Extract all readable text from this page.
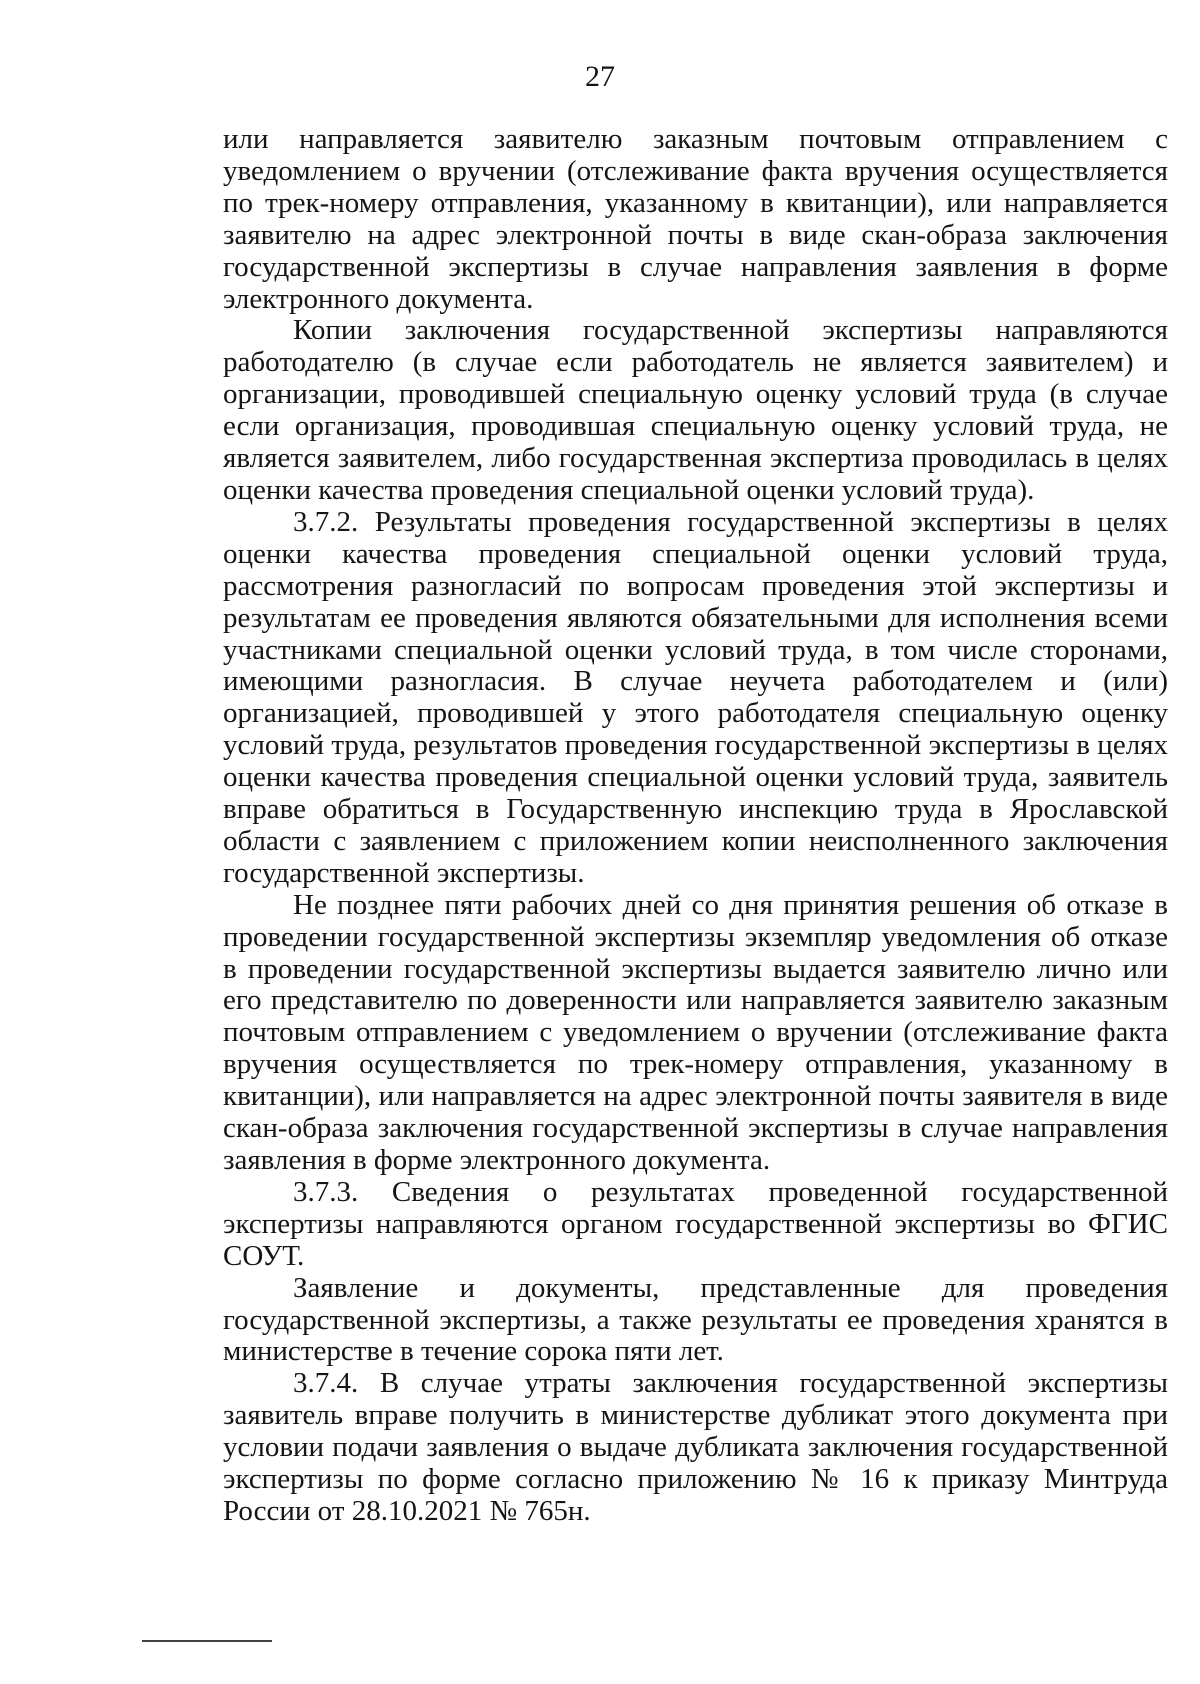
27

или направляется заявителю заказным почтовым отправлением с уведомлением о вручении (отслеживание факта вручения осуществляется по трек-номеру отправления, указанному в квитанции), или направляется заявителю на адрес электронной почты в виде скан-образа заключения государственной экспертизы в случае направления заявления в форме электронного документа.

Копии заключения государственной экспертизы направляются работодателю (в случае если работодатель не является заявителем) и организации, проводившей специальную оценку условий труда (в случае если организация, проводившая специальную оценку условий труда, не является заявителем, либо государственная экспертиза проводилась в целях оценки качества проведения специальной оценки условий труда).

3.7.2. Результаты проведения государственной экспертизы в целях оценки качества проведения специальной оценки условий труда, рассмотрения разногласий по вопросам проведения этой экспертизы и результатам ее проведения являются обязательными для исполнения всеми участниками специальной оценки условий труда, в том числе сторонами, имеющими разногласия. В случае неучета работодателем и (или) организацией, проводившей у этого работодателя специальную оценку условий труда, результатов проведения государственной экспертизы в целях оценки качества проведения специальной оценки условий труда, заявитель вправе обратиться в Государственную инспекцию труда в Ярославской области с заявлением с приложением копии неисполненного заключения государственной экспертизы.

Не позднее пяти рабочих дней со дня принятия решения об отказе в проведении государственной экспертизы экземпляр уведомления об отказе в проведении государственной экспертизы выдается заявителю лично или его представителю по доверенности или направляется заявителю заказным почтовым отправлением с уведомлением о вручении (отслеживание факта вручения осуществляется по трек-номеру отправления, указанному в квитанции), или направляется на адрес электронной почты заявителя в виде скан-образа заключения государственной экспертизы в случае направления заявления в форме электронного документа.

3.7.3. Сведения о результатах проведенной государственной экспертизы направляются органом государственной экспертизы во ФГИС СОУТ.

Заявление и документы, представленные для проведения государственной экспертизы, а также результаты ее проведения хранятся в министерстве в течение сорока пяти лет.

3.7.4. В случае утраты заключения государственной экспертизы заявитель вправе получить в министерстве дубликат этого документа при условии подачи заявления о выдаче дубликата заключения государственной экспертизы по форме согласно приложению № 16 к приказу Минтруда России от 28.10.2021 № 765н.
